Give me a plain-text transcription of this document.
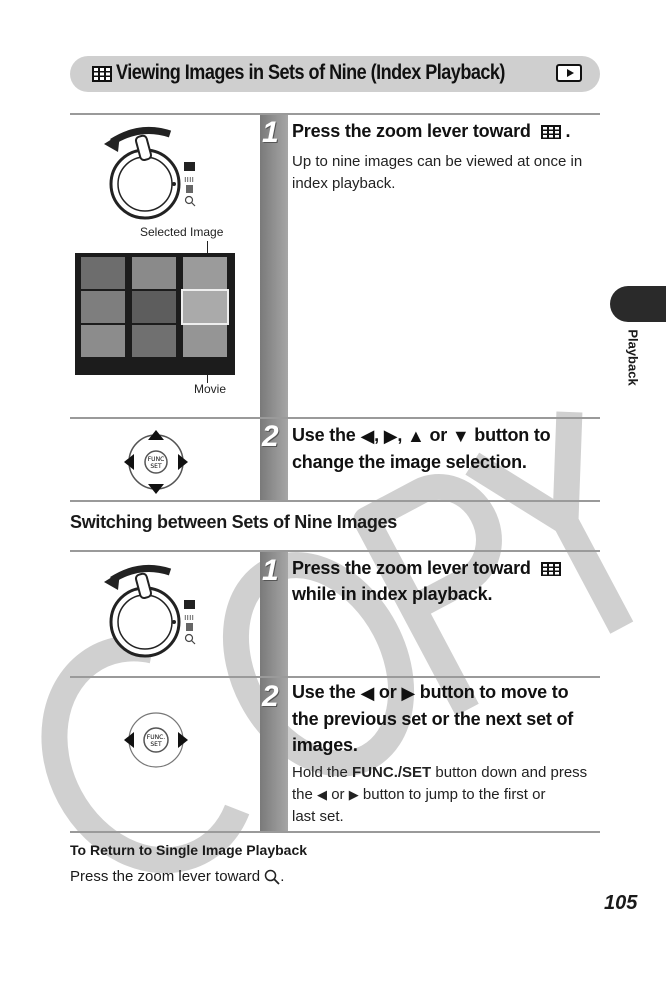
Viewing Images in Sets of Nine (Index Playback)
1 Press the zoom lever toward .
Up to nine images can be viewed at once in index playback.
ıııı
Selected Image
Movie
2 Use the ◀, ▶, ▲ or ▼ button to
change the image selection.
FUNC
SET
Switching between Sets of Nine Images
1 Press the zoom lever toward
while in index playback.
ıııı
2 Use the ◀ or ▶ button to move to
the previous set or the next set of
images.
Hold the FUNC./SET button down and press
the ◀ or ▶ button to jump to the first or
last set.
FUNC.
SET
To Return to Single Image Playback
Press the zoom lever toward .
Playback
105
